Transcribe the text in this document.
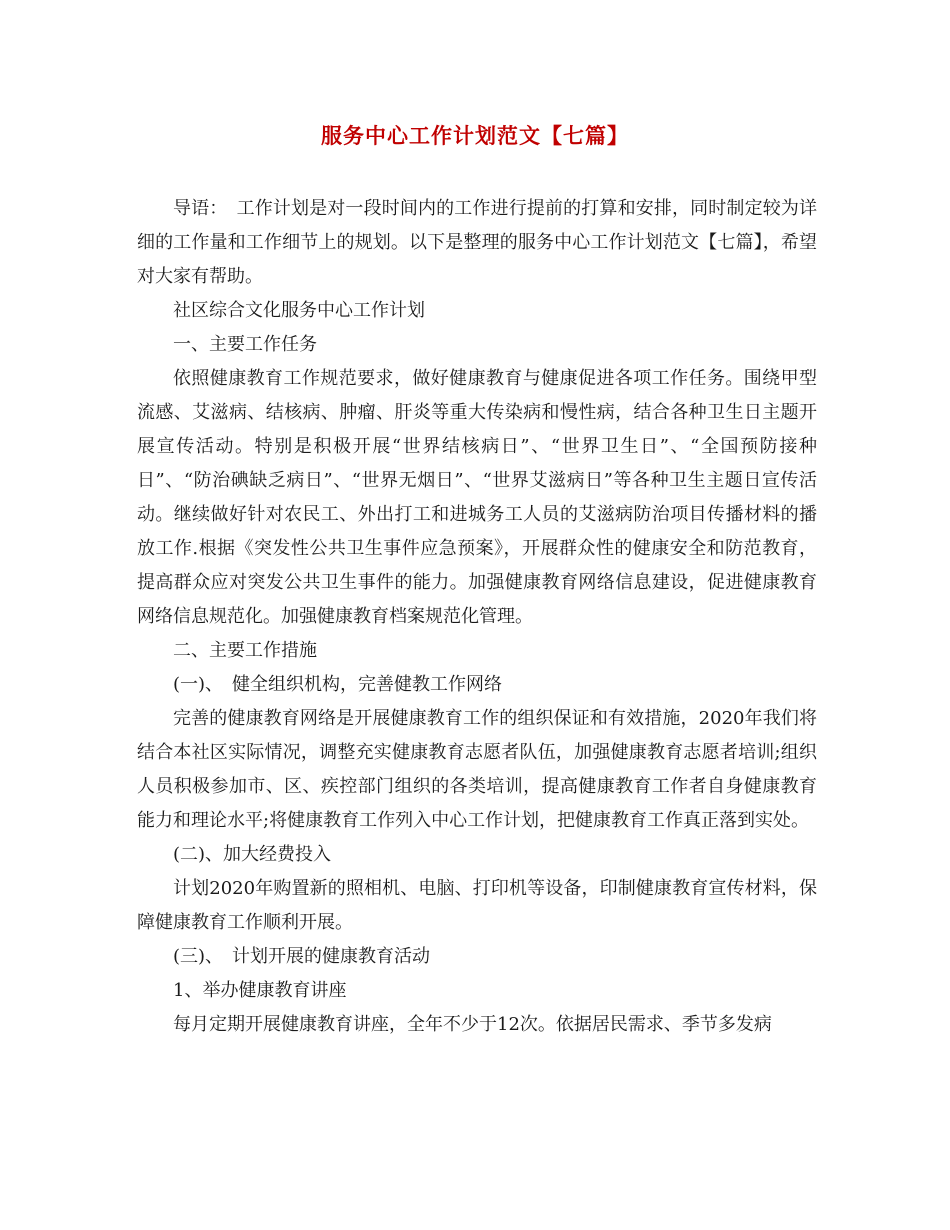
服务中心工作计划范文【七篇】

导语：　工作计划是对一段时间内的工作进行提前的打算和安排，同时制定较为详细的工作量和工作细节上的规划。以下是整理的服务中心工作计划范文【七篇】，希望对大家有帮助。

社区综合文化服务中心工作计划

一、主要工作任务

依照健康教育工作规范要求，做好健康教育与健康促进各项工作任务。围绕甲型流感、艾滋病、结核病、肿瘤、肝炎等重大传染病和慢性病，结合各种卫生日主题开展宣传活动。特别是积极开展“世界结核病日”、“世界卫生日”、“全国预防接种日”、“防治碘缺乏病日”、“世界无烟日”、“世界艾滋病日”等各种卫生主题日宣传活动。继续做好针对农民工、外出打工和进城务工人员的艾滋病防治项目传播材料的播放工作.根据《突发性公共卫生事件应急预案》，开展群众性的健康安全和防范教育，提高群众应对突发公共卫生事件的能力。加强健康教育网络信息建设，促进健康教育网络信息规范化。加强健康教育档案规范化管理。

二、主要工作措施

(一)、　健全组织机构，完善健教工作网络

完善的健康教育网络是开展健康教育工作的组织保证和有效措施，2020年我们将结合本社区实际情况，调整充实健康教育志愿者队伍，加强健康教育志愿者培训;组织人员积极参加市、区、疾控部门组织的各类培训，提高健康教育工作者自身健康教育能力和理论水平;将健康教育工作列入中心工作计划，把健康教育工作真正落到实处。

(二)、加大经费投入

计划2020年购置新的照相机、电脑、打印机等设备，印制健康教育宣传材料，保障健康教育工作顺利开展。

(三)、　计划开展的健康教育活动

1、举办健康教育讲座

每月定期开展健康教育讲座，全年不少于12次。依据居民需求、季节多发病
